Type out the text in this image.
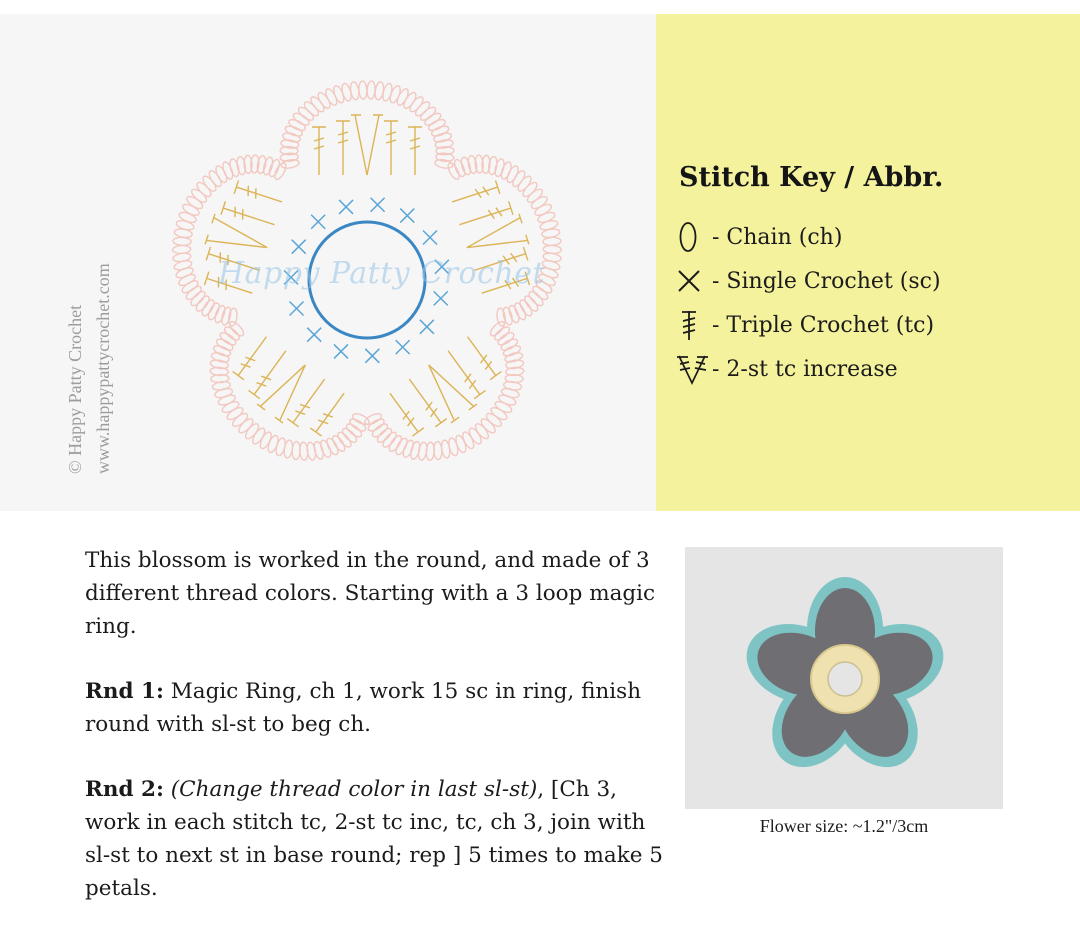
Happy Patty Crochet
© Happy Patty Crochet www.happypattycrochet.com
Stitch Key / Abbr.
- Chain (ch)
- Single Crochet (sc)
- Triple Crochet (tc)
- 2-st tc increase

This blossom is worked in the round, and made of 3 different thread colors. Starting with a 3 loop magic ring.

Rnd 1: Magic Ring, ch 1, work 15 sc in ring, finish round with sl-st to beg ch.

Rnd 2: (Change thread color in last sl-st), [Ch 3, work in each stitch tc, 2-st tc inc, tc, ch 3, join with sl-st to next st in base round; rep ] 5 times to make 5 petals.

Flower size: ~1.2"/3cm
